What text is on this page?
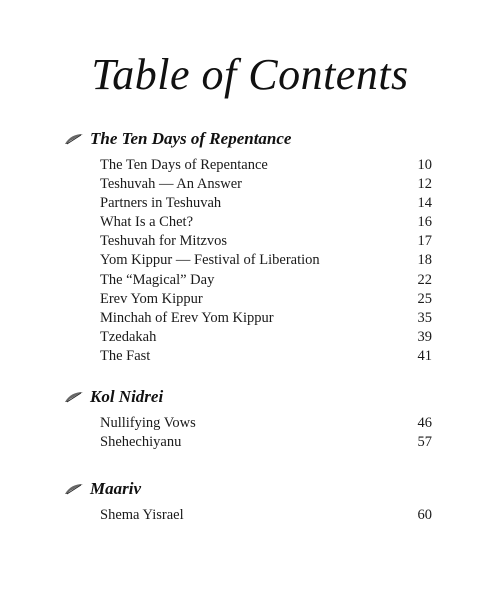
Table of Contents
The Ten Days of Repentance
The Ten Days of Repentance	10
Teshuvah — An Answer	12
Partners in Teshuvah	14
What Is a Chet?	16
Teshuvah for Mitzvos	17
Yom Kippur — Festival of Liberation	18
The “Magical” Day	22
Erev Yom Kippur	25
Minchah of Erev Yom Kippur	35
Tzedakah	39
The Fast	41
Kol Nidrei
Nullifying Vows	46
Shehechiyanu	57
Maariv
Shema Yisrael	60
